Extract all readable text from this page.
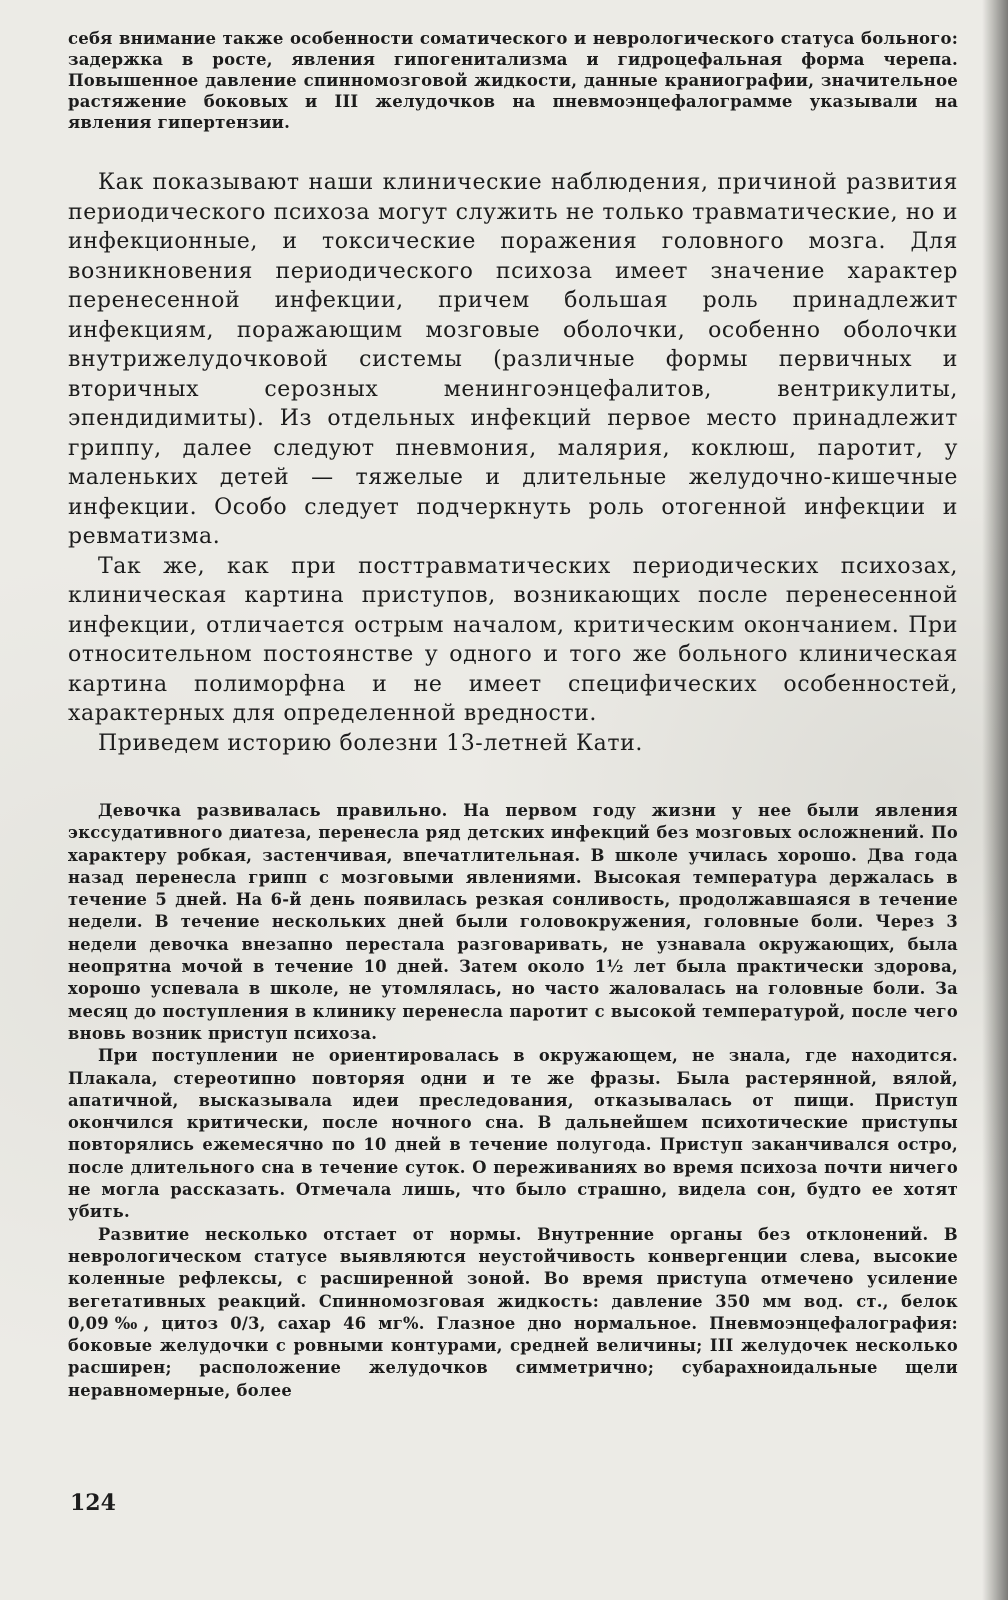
себя внимание также особенности соматического и неврологического статуса больного: задержка в росте, явления гипогенитализма и гидроцефальная форма черепа. Повышенное давление спинномозговой жидкости, данные краниографии, значительное растяжение боковых и III желудочков на пневмоэнцефалограмме указывали на явления гипертензии.

Как показывают наши клинические наблюдения, причиной развития периодического психоза могут служить не только травматические, но и инфекционные, и токсические поражения головного мозга. Для возникновения периодического психоза имеет значение характер перенесенной инфекции, причем большая роль принадлежит инфекциям, поражающим мозговые оболочки, особенно оболочки внутрижелудочковой системы (различные формы первичных и вторичных серозных менингоэнцефалитов, вентрикулиты, эпендидимиты). Из отдельных инфекций первое место принадлежит гриппу, далее следуют пневмония, малярия, коклюш, паротит, у маленьких детей — тяжелые и длительные желудочно-кишечные инфекции. Особо следует подчеркнуть роль отогенной инфекции и ревматизма.

Так же, как при посттравматических периодических психозах, клиническая картина приступов, возникающих после перенесенной инфекции, отличается острым началом, критическим окончанием. При относительном постоянстве у одного и того же больного клиническая картина полиморфна и не имеет специфических особенностей, характерных для определенной вредности.

Приведем историю болезни 13-летней Кати.

Девочка развивалась правильно. На первом году жизни у нее были явления экссудативного диатеза, перенесла ряд детских инфекций без мозговых осложнений. По характеру робкая, застенчивая, впечатлительная. В школе училась хорошо. Два года назад перенесла грипп с мозговыми явлениями. Высокая температура держалась в течение 5 дней. На 6-й день появилась резкая сонливость, продолжавшаяся в течение недели. В течение нескольких дней были головокружения, головные боли. Через 3 недели девочка внезапно перестала разговаривать, не узнавала окружающих, была неопрятна мочой в течение 10 дней. Затем около 1½ лет была практически здорова, хорошо успевала в школе, не утомлялась, но часто жаловалась на головные боли. За месяц до поступления в клинику перенесла паротит с высокой температурой, после чего вновь возник приступ психоза.

При поступлении не ориентировалась в окружающем, не знала, где находится. Плакала, стереотипно повторяя одни и те же фразы. Была растерянной, вялой, апатичной, высказывала идеи преследования, отказывалась от пищи. Приступ окончился критически, после ночного сна. В дальнейшем психотические приступы повторялись ежемесячно по 10 дней в течение полугода. Приступ заканчивался остро, после длительного сна в течение суток. О переживаниях во время психоза почти ничего не могла рассказать. Отмечала лишь, что было страшно, видела сон, будто ее хотят убить.

Развитие несколько отстает от нормы. Внутренние органы без отклонений. В неврологическом статусе выявляются неустойчивость конвергенции слева, высокие коленные рефлексы, с расширенной зоной. Во время приступа отмечено усиление вегетативных реакций. Спинномозговая жидкость: давление 350 мм вод. ст., белок 0,09‰, цитоз 0/3, сахар 46 мг%. Глазное дно нормальное. Пневмоэнцефалография: боковые желудочки с ровными контурами, средней величины; III желудочек несколько расширен; расположение желудочков симметрично; субарахноидальные щели неравномерные, более

124
